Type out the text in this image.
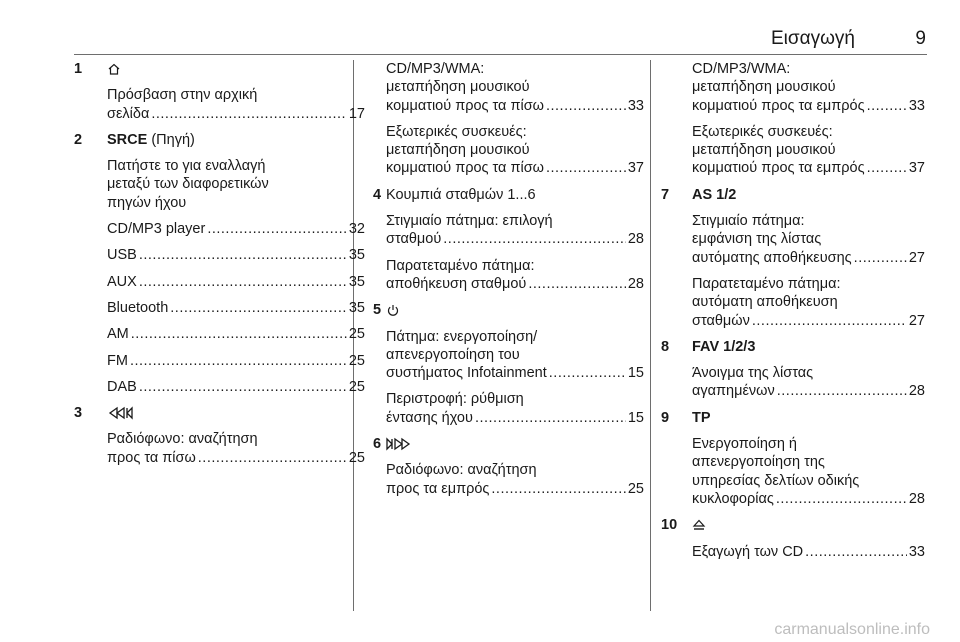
Εισαγωγή	9
1
Πρόσβαση στην αρχική
σελίδα .....	17
2 SRCE (Πηγή)
Πατήστε το για εναλλαγή
μεταξύ των διαφορετικών
πηγών ήχου
CD/MP3 player .....	32
USB .....	35
AUX .....	35
Bluetooth .....	35
AM .....	25
FM .....	25
DAB .....	25
3
Ραδιόφωνο: αναζήτηση
προς τα πίσω .....	25
CD/MP3/WMA:
μεταπήδηση μουσικού
κομματιού προς τα πίσω .....	33
Εξωτερικές συσκευές:
μεταπήδηση μουσικού
κομματιού προς τα πίσω .....	37
4 Κουμπιά σταθμών 1...6
Στιγμιαίο πάτημα: επιλογή
σταθμού .....	28
Παρατεταμένο πάτημα:
αποθήκευση σταθμού .....	28
5
Πάτημα: ενεργοποίηση/
απενεργοποίηση του
συστήματος Infotainment .....	15
Περιστροφή: ρύθμιση
έντασης ήχου .....	15
6
Ραδιόφωνο: αναζήτηση
προς τα εμπρός .....	25
CD/MP3/WMA:
μεταπήδηση μουσικού
κομματιού προς τα εμπρός .....	33
Εξωτερικές συσκευές:
μεταπήδηση μουσικού
κομματιού προς τα εμπρός .....	37
7 AS 1/2
Στιγμιαίο πάτημα:
εμφάνιση της λίστας
αυτόματης αποθήκευσης .....	27
Παρατεταμένο πάτημα:
αυτόματη αποθήκευση
σταθμών .....	27
8 FAV 1/2/3
Άνοιγμα της λίστας
αγαπημένων .....	28
9 TP
Ενεργοποίηση ή
απενεργοποίηση της
υπηρεσίας δελτίων οδικής
κυκλοφορίας .....	28
10
Εξαγωγή των CD .....	33
carmanualsonline.info
